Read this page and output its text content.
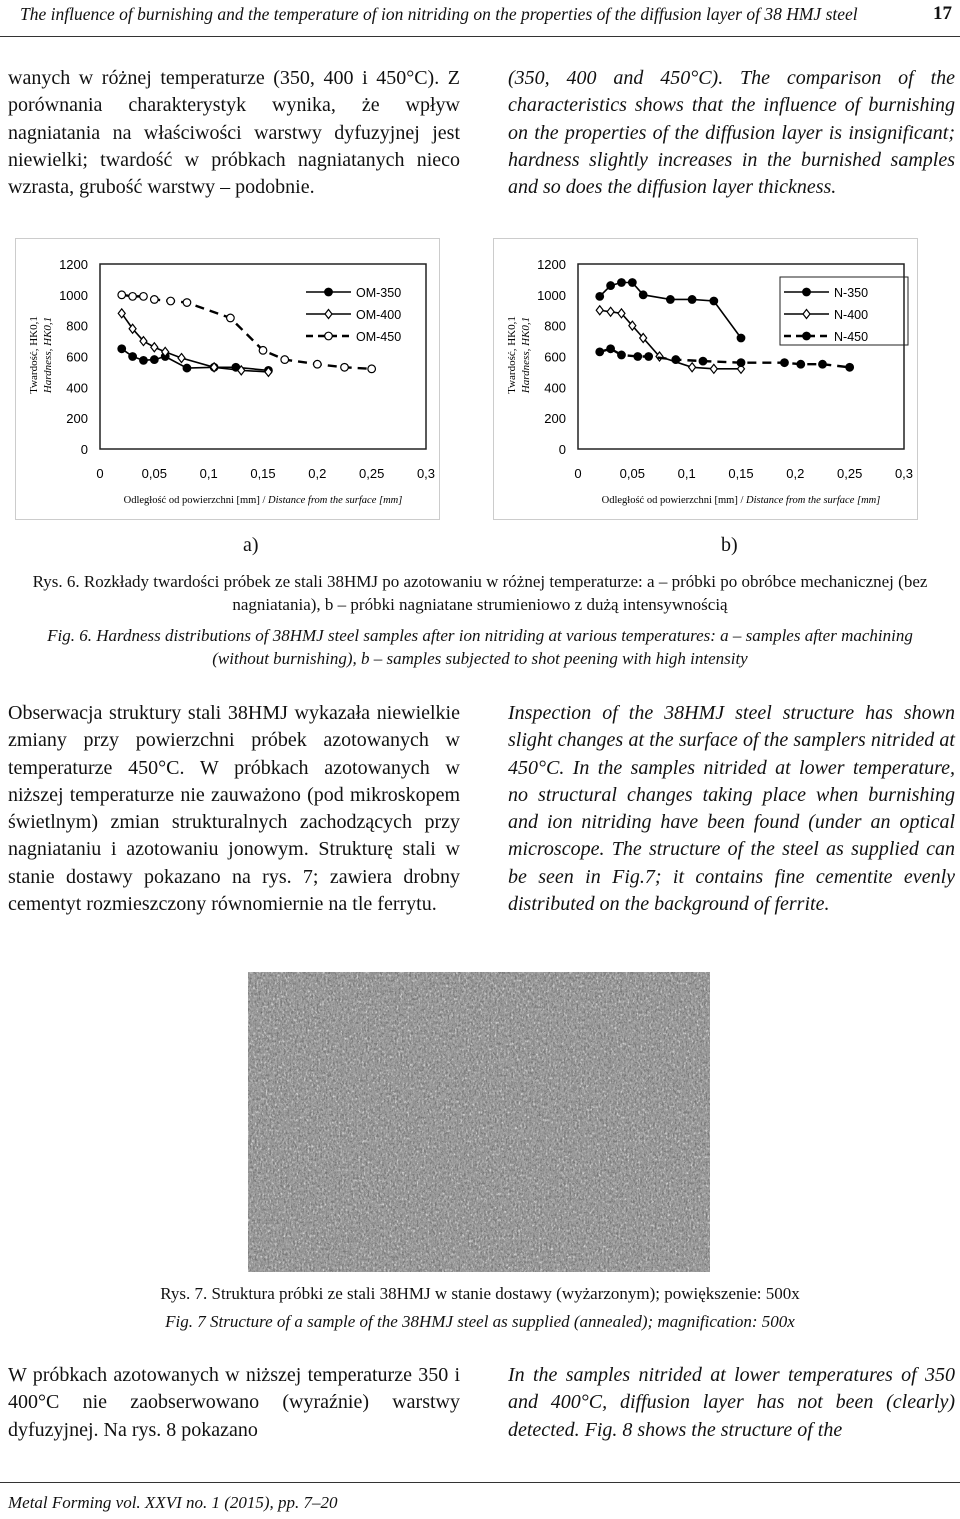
The influence of burnishing and the temperature of ion nitriding on the properties of the diffusion layer of 38 HMJ steel	17

wanych w różnej temperaturze (350, 400 i 450°C). Z porównania charakterystyk wynika, że wpływ nagniatania na właściwości warstwy dyfuzyjnej jest niewielki; twardość w próbkach nagniatanych nieco wzrasta, grubość warstwy – podobnie.

(350, 400 and 450°C). The comparison of the characteristics shows that the influence of burnishing on the properties of the diffusion layer is insignificant; hardness slightly increases in the burnished samples and so does the diffusion layer thickness.

0
200
400
600
800
1000
1200
0	0,05	0,1	0,15	0,2	0,25	0,3
Odległość od powierzchni [mm] / Distance from the surface [mm]
Twardość, HK0,1 Hardness, HK0,1
OM-350
OM-400
OM-450
0
200
400
600
800
1000
1200
0	0,05	0,1	0,15	0,2	0,25	0,3
Odległość od powierzchni [mm] / Distance from the surface [mm]
Twardość, HK0,1 Hardness, HK0,1
N-350
N-400
N-450
a)	b)
Rys. 6. Rozkłady twardości próbek ze stali 38HMJ po azotowaniu w różnej temperaturze: a – próbki po obróbce mechanicznej (bez nagniatania), b – próbki nagniatane strumieniowo z dużą intensywnością
Fig. 6. Hardness distributions of 38HMJ steel samples after ion nitriding at various temperatures: a – samples after machining (without burnishing), b – samples subjected to shot peening with high intensity

Obserwacja struktury stali 38HMJ wykazała niewielkie zmiany przy powierzchni próbek azotowanych w temperaturze 450°C. W próbkach azotowanych w niższej temperaturze nie zauważono (pod mikroskopem świetlnym) zmian strukturalnych zachodzących przy nagniataniu i azotowaniu jonowym. Strukturę stali w stanie dostawy pokazano na rys. 7; zawiera drobny cementyt rozmieszczony równomiernie na tle ferrytu.

Inspection of the 38HMJ steel structure has shown slight changes at the surface of the samplers nitrided at 450°C. In the samples nitrided at lower temperature, no structural changes taking place when burnishing and ion nitriding have been found (under an optical microscope. The structure of the steel as supplied can be seen in Fig.7; it contains fine cementite evenly distributed on the background of ferrite.

Rys. 7. Struktura próbki ze stali 38HMJ w stanie dostawy (wyżarzonym); powiększenie: 500x
Fig. 7 Structure of a sample of the 38HMJ steel as supplied (annealed); magnification: 500x

W próbkach azotowanych w niższej temperaturze 350 i 400°C nie zaobserwowano (wyraźnie) warstwy dyfuzyjnej. Na rys. 8 pokazano

In the samples nitrided at lower temperatures of 350 and 400°C, diffusion layer has not been (clearly) detected. Fig. 8 shows the structure of the

Metal Forming vol. XXVI no. 1 (2015), pp. 7–20
